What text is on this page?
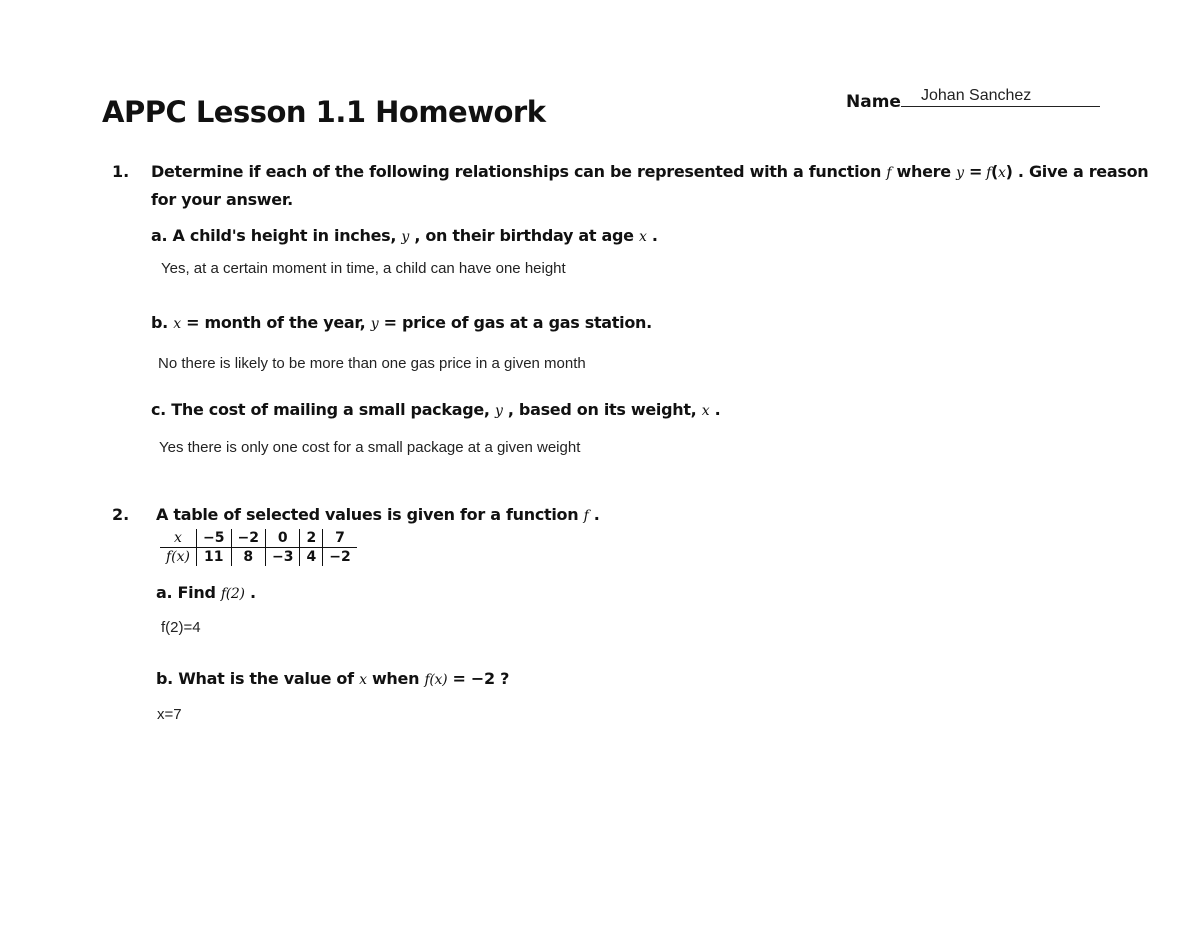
APPC Lesson 1.1 Homework	Name Johan Sanchez
1. Determine if each of the following relationships can be represented with a function f where y = f(x) . Give a reason
for your answer.
a. A child's height in inches, y , on their birthday at age x .
Yes, at a certain moment in time, a child can have one height
b. x = month of the year, y = price of gas at a gas station.
No there is likely to be more than one gas price in a given month
c. The cost of mailing a small package, y , based on its weight, x .
Yes there is only one cost for a small package at a given weight
2. A table of selected values is given for a function f .
x	−5	−2	0	2	7
f(x)	11	8	−3	4	−2
a. Find f(2) .
f(2)=4
b. What is the value of x when f(x) = −2 ?
x=7
